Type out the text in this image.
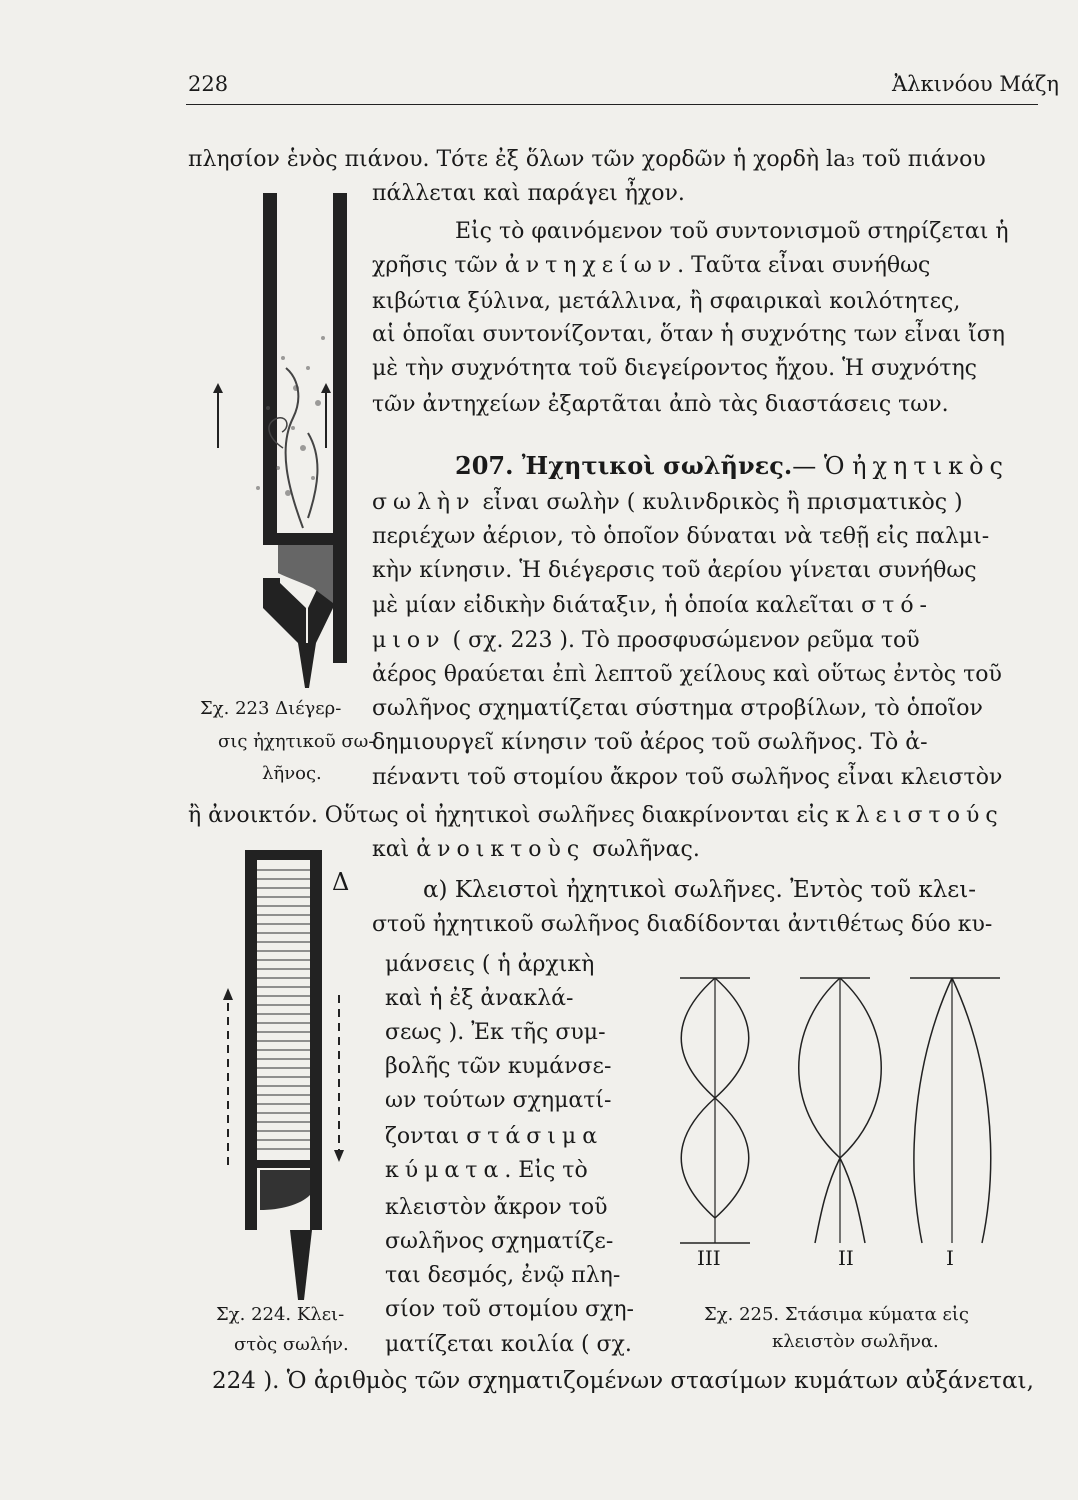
228	Ἀλκινόου Μάζη
πλησίον ἑνὸς πιάνου. Τότε ἐξ ὅλων τῶν χορδῶν ἡ χορδὴ la₃ τοῦ πιάνου
πάλλεται καὶ παράγει ἦχον.
Εἰς τὸ φαινόμενον τοῦ συντονισμοῦ στηρίζεται ἡ
χρῆσις τῶν ἀντηχείων. Ταῦτα εἶναι συνήθως
κιβώτια ξύλινα, μετάλλινα, ἢ σφαιρικαὶ κοιλότητες,
αἱ ὁποῖαι συντονίζονται, ὅταν ἡ συχνότης των εἶναι ἴση
μὲ τὴν συχνότητα τοῦ διεγείροντος ἤχου. Ἡ συχνότης
τῶν ἀντηχείων ἐξαρτᾶται ἀπὸ τὰς διαστάσεις των.
207. Ἠχητικοὶ σωλῆνες.— Ὁ ἠχητικὸς
σωλὴν εἶναι σωλὴν ( κυλινδρικὸς ἢ πρισματικὸς )
περιέχων ἀέριον, τὸ ὁποῖον δύναται νὰ τεθῇ εἰς παλμι-
κὴν κίνησιν. Ἡ διέγερσις τοῦ ἀερίου γίνεται συνήθως
μὲ μίαν εἰδικὴν διάταξιν, ἡ ὁποία καλεῖται στό-
μιον ( σχ. 223 ). Τὸ προσφυσώμενον ρεῦμα τοῦ
ἀέρος θραύεται ἐπὶ λεπτοῦ χείλους καὶ οὕτως ἐντὸς τοῦ
σωλῆνος σχηματίζεται σύστημα στροβίλων, τὸ ὁποῖον
δημιουργεῖ κίνησιν τοῦ ἀέρος τοῦ σωλῆνος. Τὸ ἀ-
πέναντι τοῦ στομίου ἄκρον τοῦ σωλῆνος εἶναι κλειστὸν
ἢ ἀνοικτόν. Οὕτως οἱ ἠχητικοὶ σωλῆνες διακρίνονται εἰς κλειστούς
καὶ ἀνοικτοὺς σωλῆνας.
α) Κλειστοὶ ἠχητικοὶ σωλῆνες. Ἐντὸς τοῦ κλει-
στοῦ ἠχητικοῦ σωλῆνος διαδίδονται ἀντιθέτως δύο κυ-
μάνσεις ( ἡ ἀρχικὴ
καὶ ἡ ἐξ ἀνακλά-
σεως ). Ἐκ τῆς συμ-
βολῆς τῶν κυμάνσε-
ων τούτων σχηματί-
ζονται στάσιμα
κύματα. Εἰς τὸ
κλειστὸν ἄκρον τοῦ
σωλῆνος σχηματίζε-
ται δεσμός, ἐνῷ πλη-
σίον τοῦ στομίου σχη-
ματίζεται κοιλία ( σχ.
224 ). Ὁ ἀριθμὸς τῶν σχηματιζομένων στασίμων κυμάτων αὐξάνεται,
Σχ. 223 Διέγερ-
σις ἠχητικοῦ σω-
λῆνος.
Δ
Σχ. 224. Κλει-
στὸς σωλήν.
III	II	I
Σχ. 225. Στάσιμα κύματα εἰς
κλειστὸν σωλῆνα.
